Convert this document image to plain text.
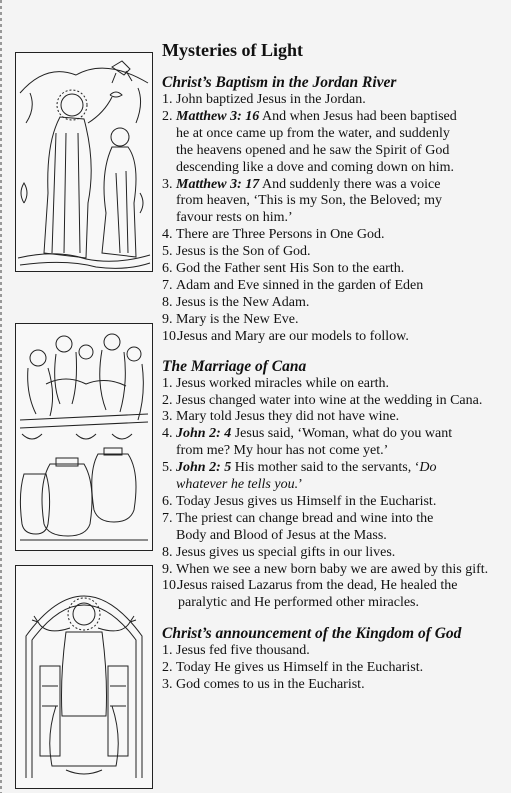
Mysteries of Light
Christ’s Baptism in the Jordan River
1. John baptized Jesus in the Jordan.
2. Matthew 3: 16 And when Jesus had been baptised
he at once came up from the water, and suddenly
the heavens opened and he saw the Spirit of God
descending like a dove and coming down on him.
3. Matthew 3: 17 And suddenly there was a voice
from heaven, ‘This is my Son, the Beloved; my
favour rests on him.’
4. There are Three Persons in One God.
5. Jesus is the Son of God.
6. God the Father sent His Son to the earth.
7. Adam and Eve sinned in the garden of Eden
8. Jesus is the New Adam.
9. Mary is the New Eve.
10.
Jesus and Mary are our models to follow.
The Marriage of Cana
1. Jesus worked miracles while on earth.
2. Jesus changed water into wine at the wedding in Cana.
3. Mary told Jesus they did not have wine.
4. John 2: 4 Jesus said, ‘Woman, what do you want
from me? My hour has not come yet.’
5. John 2: 5 His mother said to the servants, ‘Do
whatever he tells you.’
6. Today Jesus gives us Himself in the Eucharist.
7. The priest can change bread and wine into the
Body and Blood of Jesus at the Mass.
8. Jesus gives us special gifts in our lives.
9. When we see a new born baby we are awed by this gift.
10.
Jesus raised Lazarus from the dead, He healed the
paralytic and He performed other miracles.
Christ’s announcement of the Kingdom of God
1. Jesus fed five thousand.
2. Today He gives us Himself in the Eucharist.
3. God comes to us in the Eucharist.
